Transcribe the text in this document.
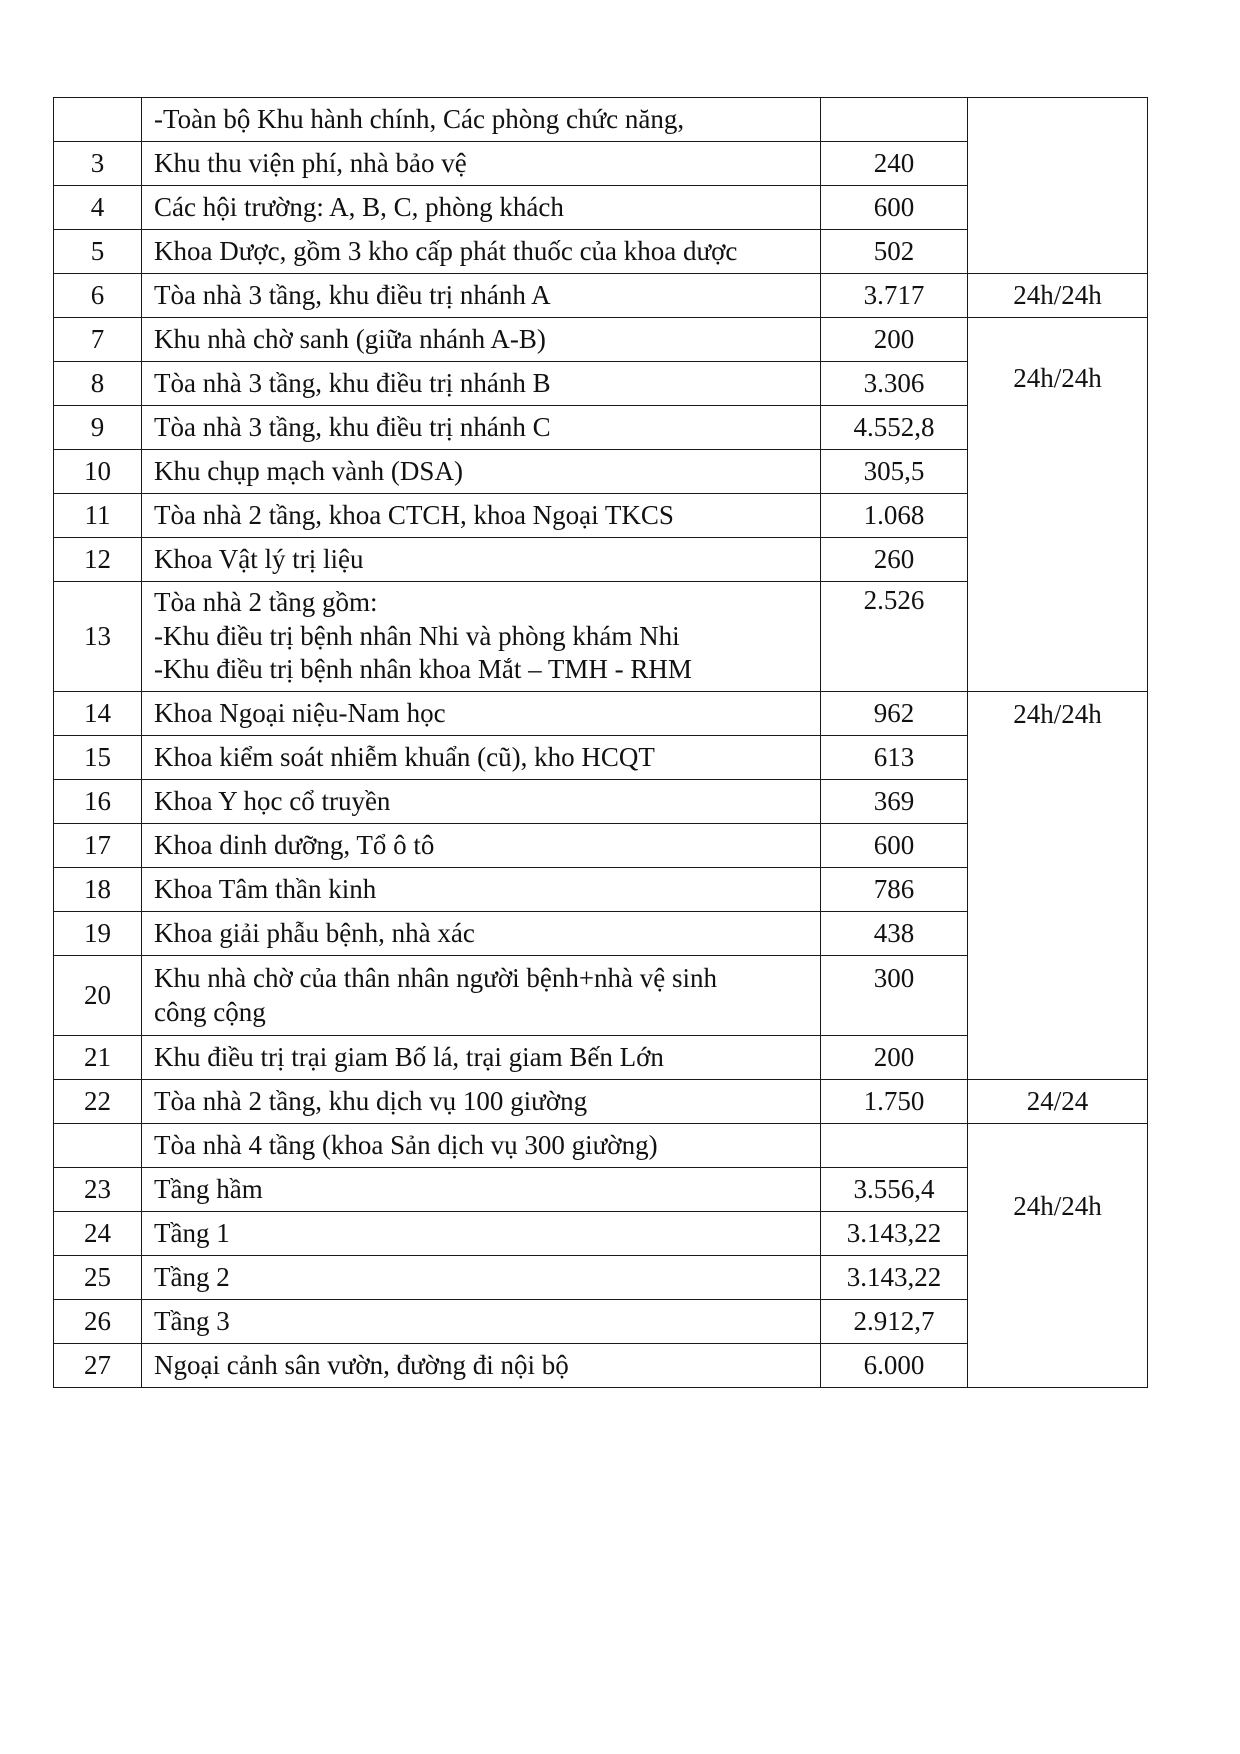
	-Toàn bộ Khu hành chính, Các phòng chức năng,		
3	Khu thu viện phí, nhà bảo vệ	240	
4	Các hội trường: A, B, C, phòng khách	600	
5	Khoa Dược, gồm 3 kho cấp phát thuốc của khoa dược	502	
6	Tòa nhà 3 tầng, khu điều trị nhánh A	3.717	24h/24h
7	Khu nhà chờ sanh (giữa nhánh A-B)	200	24h/24h
8	Tòa nhà 3 tầng, khu điều trị nhánh B	3.306	
9	Tòa nhà 3 tầng, khu điều trị nhánh C	4.552,8	
10	Khu chụp mạch vành (DSA)	305,5	
11	Tòa nhà 2 tầng, khoa CTCH, khoa Ngoại TKCS	1.068	
12	Khoa Vật lý trị liệu	260	
13	Tòa nhà 2 tầng gồm:
-Khu điều trị bệnh nhân Nhi và phòng khám Nhi
-Khu điều trị bệnh nhân khoa Mắt – TMH - RHM	2.526	
14	Khoa Ngoại niệu-Nam học	962	24h/24h
15	Khoa kiểm soát nhiễm khuẩn (cũ), kho HCQT	613	
16	Khoa Y học cổ truyền	369	
17	Khoa dinh dưỡng, Tổ ô tô	600	
18	Khoa Tâm thần kinh	786	
19	Khoa giải phẫu bệnh, nhà xác	438	
20	Khu nhà chờ của thân nhân người bệnh+nhà vệ sinh
công cộng	300	
21	Khu điều trị trại giam Bố lá, trại giam Bến Lớn	200	
22	Tòa nhà 2 tầng, khu dịch vụ 100 giường	1.750	24/24
	Tòa nhà 4 tầng (khoa Sản dịch vụ 300 giường)		24h/24h
23	Tầng hầm	3.556,4	
24	Tầng 1	3.143,22	
25	Tầng 2	3.143,22	
26	Tầng 3	2.912,7	
27	Ngoại cảnh sân vườn, đường đi nội bộ	6.000	
